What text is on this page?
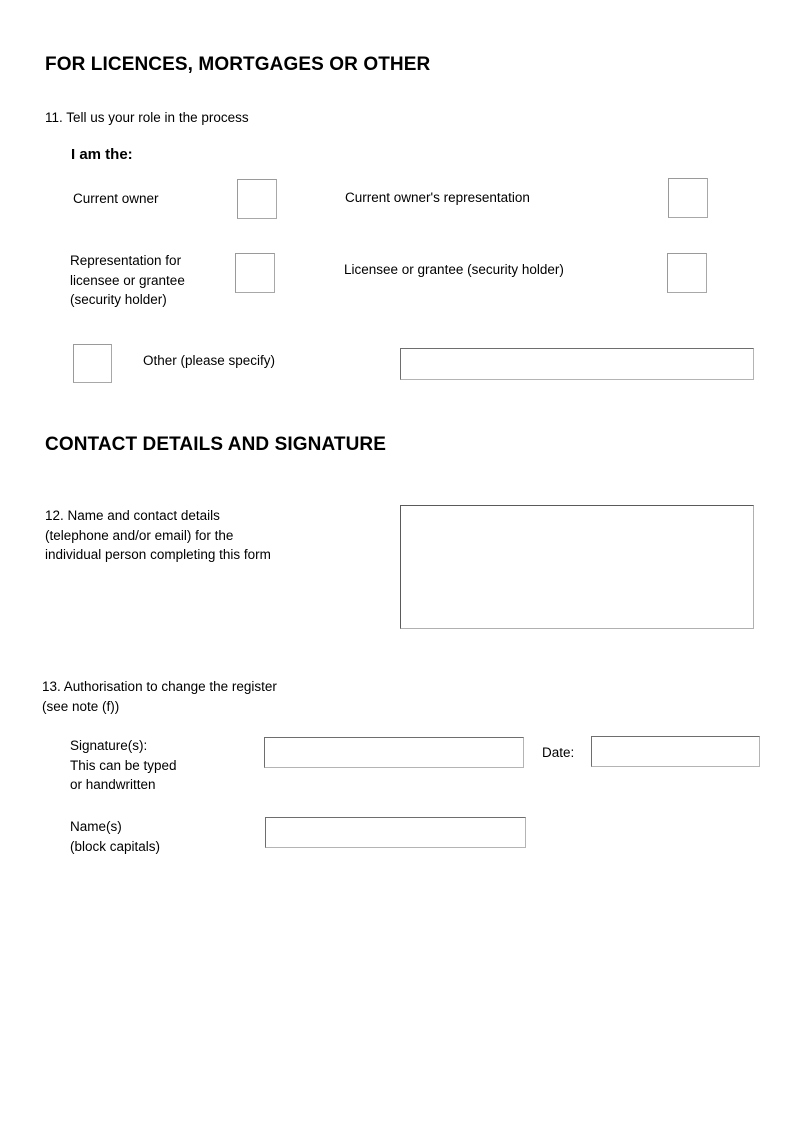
FOR LICENCES, MORTGAGES OR OTHER
11. Tell us your role in the process
I am the:
Current owner	Current owner's representation
Representation for
licensee or grantee
(security holder)
Licensee or grantee (security holder)
Other (please specify)
CONTACT DETAILS AND SIGNATURE
12. Name and contact details
(telephone and/or email) for the
individual person completing this form
13. Authorisation to change the register
(see note (f))
Signature(s):
This can be typed
or handwritten
Date:
Name(s)
(block capitals)
